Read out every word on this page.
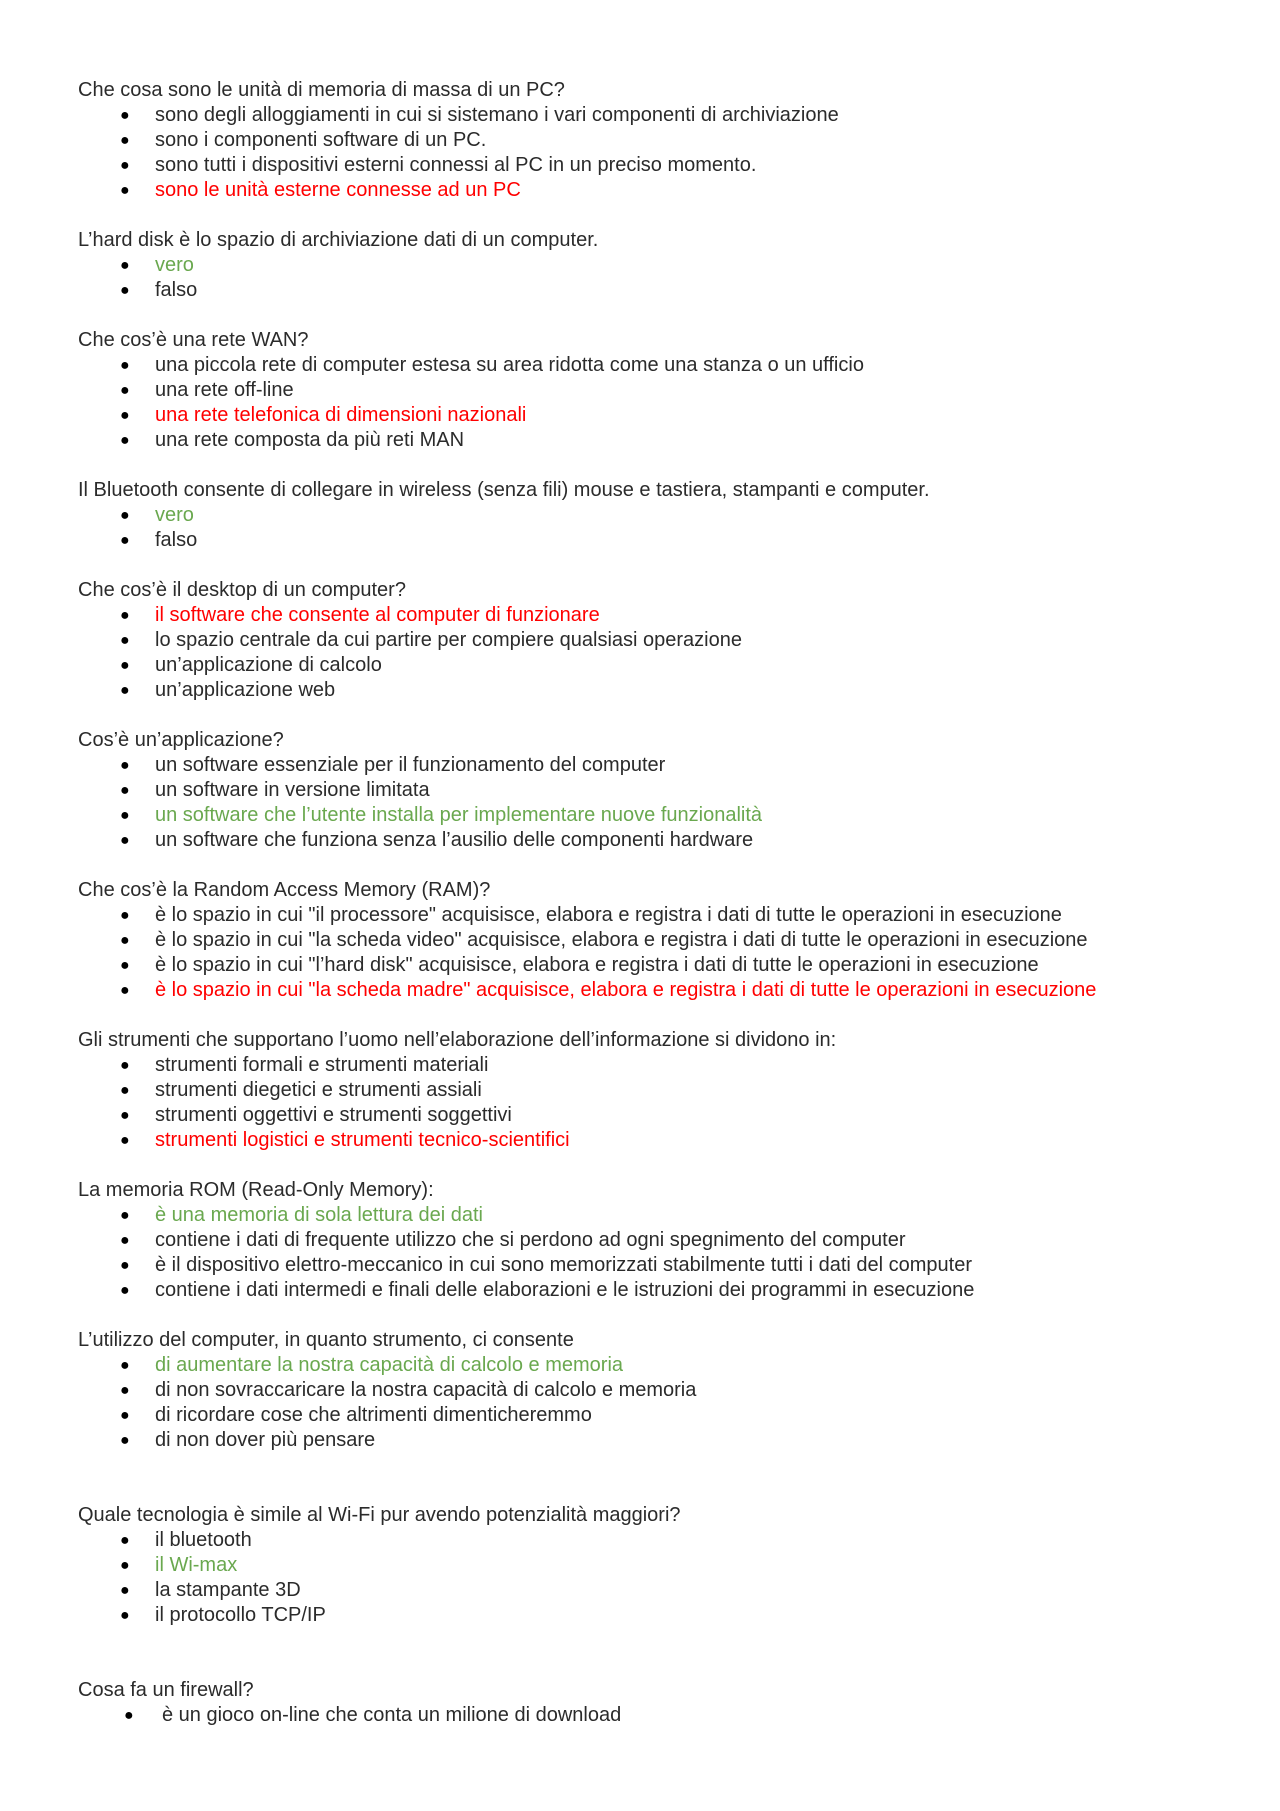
Che cosa sono le unità di memoria di massa di un PC?
● sono degli alloggiamenti in cui si sistemano i vari componenti di archiviazione
● sono i componenti software di un PC.
● sono tutti i dispositivi esterni connessi al PC in un preciso momento.
● sono le unità esterne connesse ad un PC
L’hard disk è lo spazio di archiviazione dati di un computer.
● vero
● falso
Che cos’è una rete WAN?
● una piccola rete di computer estesa su area ridotta come una stanza o un ufficio
● una rete off-line
● una rete telefonica di dimensioni nazionali
● una rete composta da più reti MAN
Il Bluetooth consente di collegare in wireless (senza fili) mouse e tastiera, stampanti e computer.
● vero
● falso
Che cos’è il desktop di un computer?
● il software che consente al computer di funzionare
● lo spazio centrale da cui partire per compiere qualsiasi operazione
● un’applicazione di calcolo
● un’applicazione web
Cos’è un’applicazione?
● un software essenziale per il funzionamento del computer
● un software in versione limitata
● un software che l’utente installa per implementare nuove funzionalità
● un software che funziona senza l’ausilio delle componenti hardware
Che cos’è la Random Access Memory (RAM)?
● è lo spazio in cui "il processore" acquisisce, elabora e registra i dati di tutte le operazioni in esecuzione
● è lo spazio in cui "la scheda video" acquisisce, elabora e registra i dati di tutte le operazioni in esecuzione
● è lo spazio in cui "l’hard disk" acquisisce, elabora e registra i dati di tutte le operazioni in esecuzione
● è lo spazio in cui "la scheda madre" acquisisce, elabora e registra i dati di tutte le operazioni in esecuzione
Gli strumenti che supportano l’uomo nell’elaborazione dell’informazione si dividono in:
● strumenti formali e strumenti materiali
● strumenti diegetici e strumenti assiali
● strumenti oggettivi e strumenti soggettivi
● strumenti logistici e strumenti tecnico-scientifici
La memoria ROM (Read-Only Memory):
● è una memoria di sola lettura dei dati
● contiene i dati di frequente utilizzo che si perdono ad ogni spegnimento del computer
● è il dispositivo elettro-meccanico in cui sono memorizzati stabilmente tutti i dati del computer
● contiene i dati intermedi e finali delle elaborazioni e le istruzioni dei programmi in esecuzione
L’utilizzo del computer, in quanto strumento, ci consente
● di aumentare la nostra capacità di calcolo e memoria
● di non sovraccaricare la nostra capacità di calcolo e memoria
● di ricordare cose che altrimenti dimenticheremmo
● di non dover più pensare
Quale tecnologia è simile al Wi-Fi pur avendo potenzialità maggiori?
● il bluetooth
● il Wi-max
● la stampante 3D
● il protocollo TCP/IP
Cosa fa un firewall?
● è un gioco on-line che conta un milione di download
